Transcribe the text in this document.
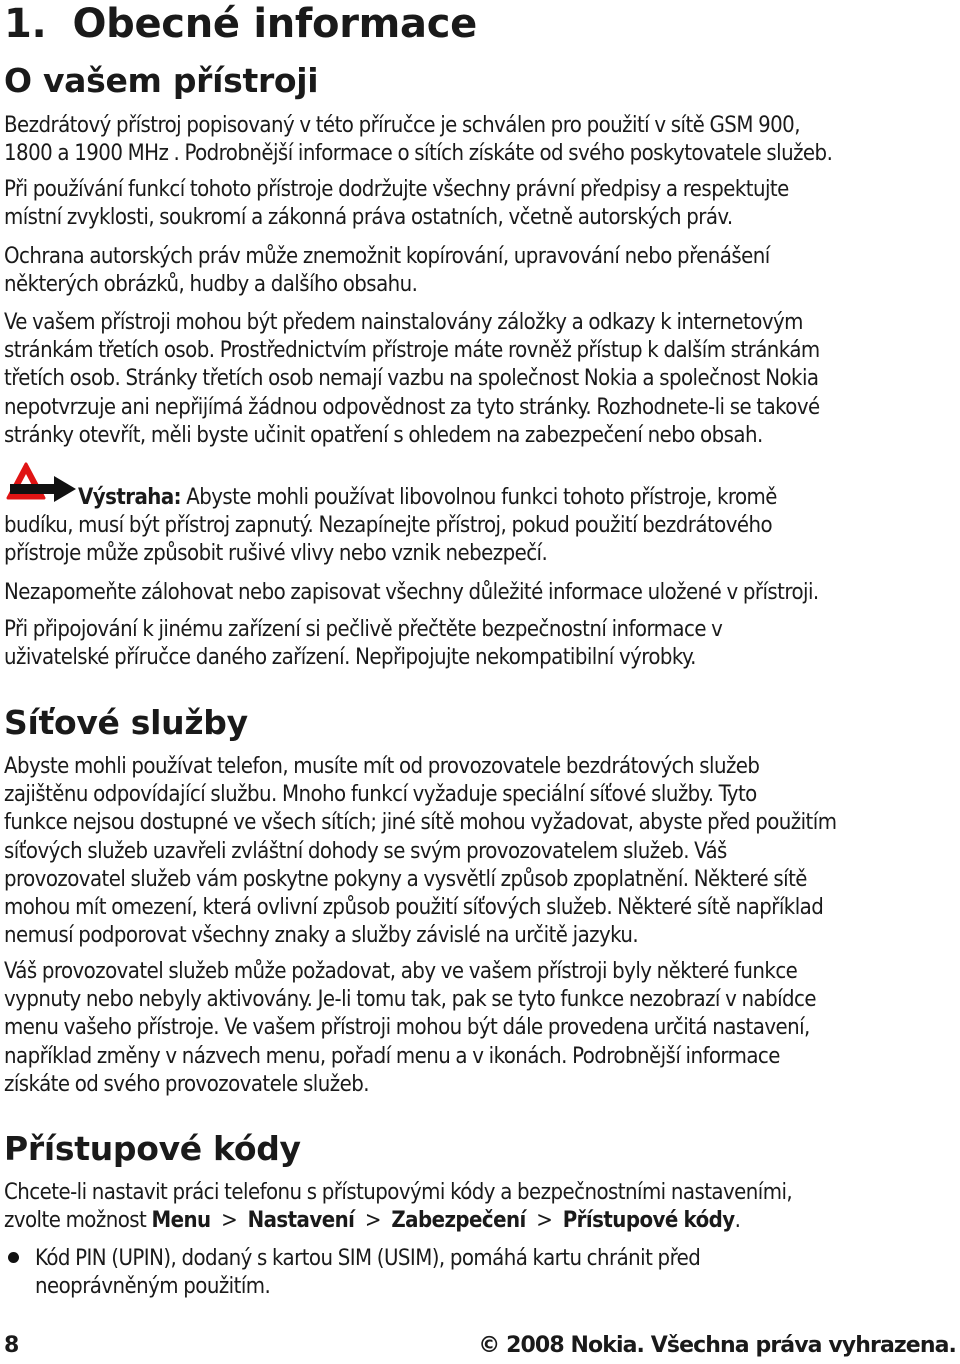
1. Obecné informace
O vašem přístroji
Bezdrátový přístroj popisovaný v této příručce je schválen pro použití v sítě GSM 900,
1800 a 1900 MHz . Podrobnější informace o sítích získáte od svého poskytovatele služeb.
Při používání funkcí tohoto přístroje dodržujte všechny právní předpisy a respektujte
místní zvyklosti, soukromí a zákonná práva ostatních, včetně autorských práv.
Ochrana autorských práv může znemožnit kopírování, upravování nebo přenášení
některých obrázků, hudby a dalšího obsahu.
Ve vašem přístroji mohou být předem nainstalovány záložky a odkazy k internetovým
stránkám třetích osob. Prostřednictvím přístroje máte rovněž přístup k dalším stránkám
třetích osob. Stránky třetích osob nemají vazbu na společnost Nokia a společnost Nokia
nepotvrzuje ani nepřijímá žádnou odpovědnost za tyto stránky. Rozhodnete-li se takové
stránky otevřít, měli byste učinit opatření s ohledem na zabezpečení nebo obsah.
Výstraha: Abyste mohli používat libovolnou funkci tohoto přístroje, kromě
budíku, musí být přístroj zapnutý. Nezapínejte přístroj, pokud použití bezdrátového
přístroje může způsobit rušivé vlivy nebo vznik nebezpečí.
Nezapomeňte zálohovat nebo zapisovat všechny důležité informace uložené v přístroji.
Při připojování k jinému zařízení si pečlivě přečtěte bezpečnostní informace v
uživatelské příručce daného zařízení. Nepřipojujte nekompatibilní výrobky.
Síťové služby
Abyste mohli používat telefon, musíte mít od provozovatele bezdrátových služeb
zajištěnu odpovídající službu. Mnoho funkcí vyžaduje speciální síťové služby. Tyto
funkce nejsou dostupné ve všech sítích; jiné sítě mohou vyžadovat, abyste před použitím
síťových služeb uzavřeli zvláštní dohody se svým provozovatelem služeb. Váš
provozovatel služeb vám poskytne pokyny a vysvětlí způsob zpoplatnění. Některé sítě
mohou mít omezení, která ovlivní způsob použití síťových služeb. Některé sítě například
nemusí podporovat všechny znaky a služby závislé na určitě jazyku.
Váš provozovatel služeb může požadovat, aby ve vašem přístroji byly některé funkce
vypnuty nebo nebyly aktivovány. Je-li tomu tak, pak se tyto funkce nezobrazí v nabídce
menu vašeho přístroje. Ve vašem přístroji mohou být dále provedena určitá nastavení,
například změny v názvech menu, pořadí menu a v ikonách. Podrobnější informace
získáte od svého provozovatele služeb.
Přístupové kódy
Chcete-li nastavit práci telefonu s přístupovými kódy a bezpečnostními nastaveními,
zvolte možnost Menu > Nastavení > Zabezpečení > Přístupové kódy.
Kód PIN (UPIN), dodaný s kartou SIM (USIM), pomáhá kartu chránit před
neoprávněným použitím.
8	© 2008 Nokia. Všechna práva vyhrazena.
